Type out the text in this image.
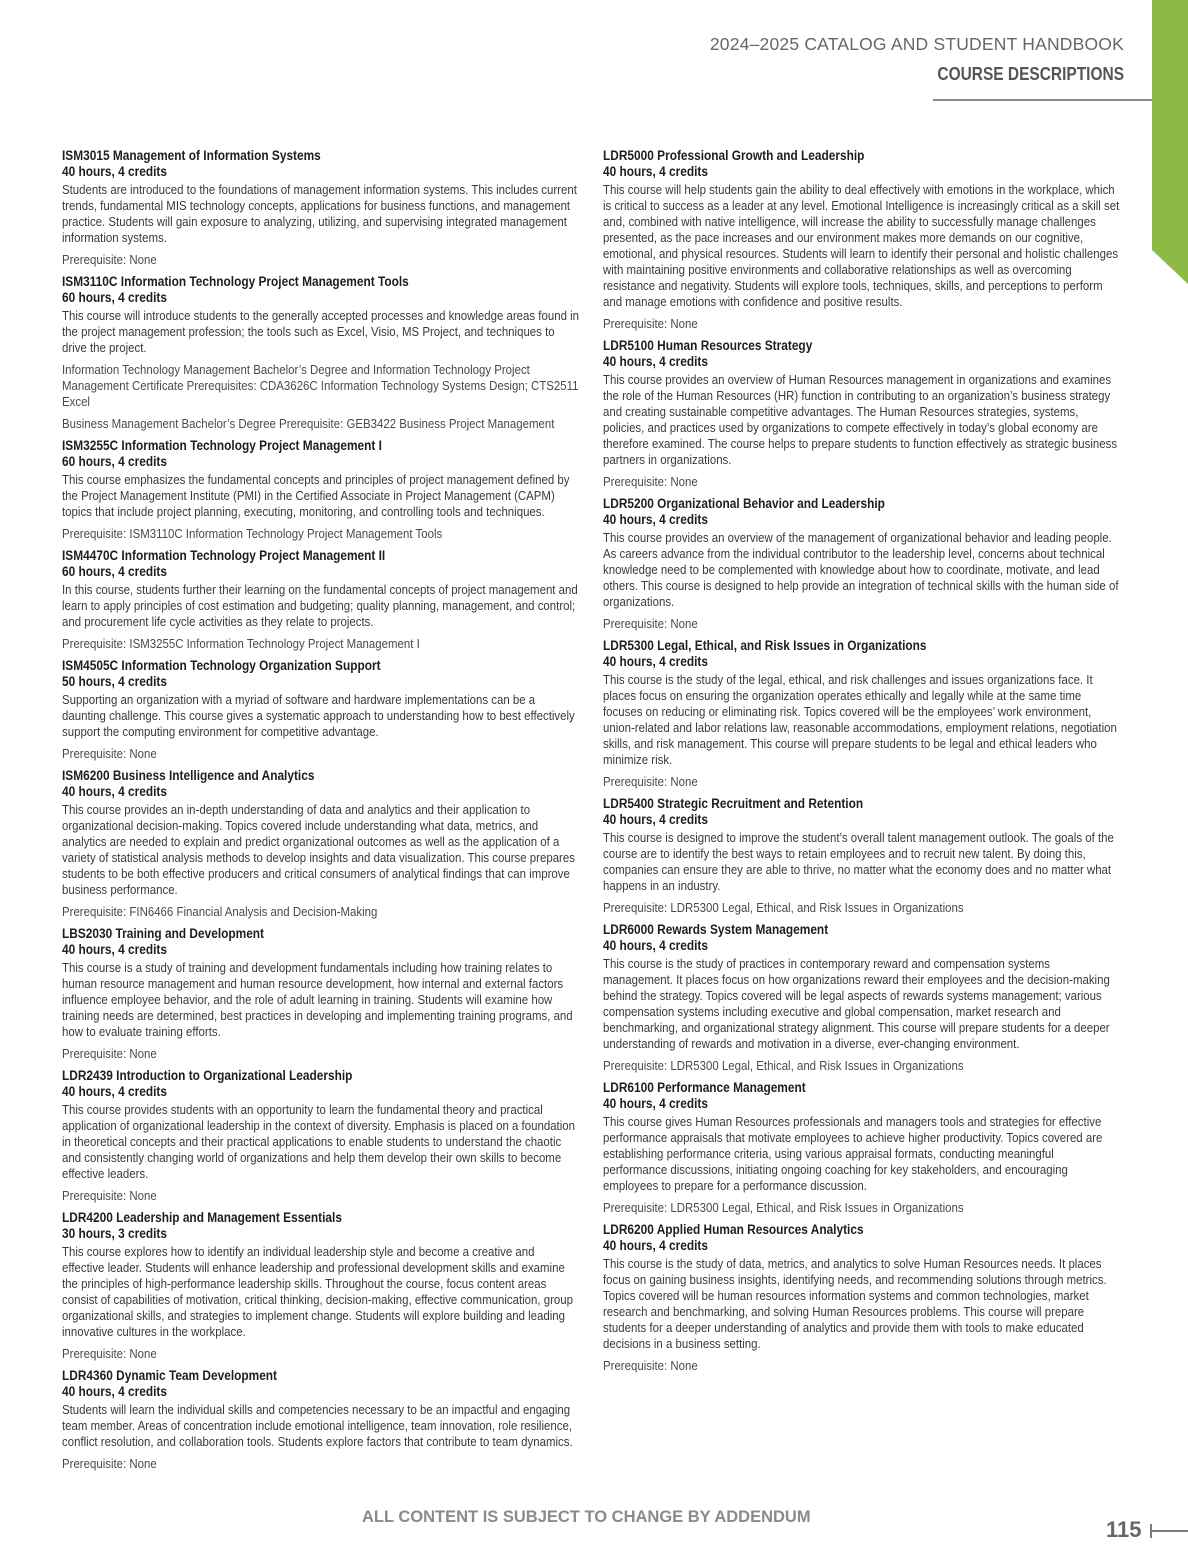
2024–2025 CATALOG AND STUDENT HANDBOOK
COURSE DESCRIPTIONS
ISM3015 Management of Information Systems
40 hours, 4 credits
Students are introduced to the foundations of management information systems. This includes current trends, fundamental MIS technology concepts, applications for business functions, and management practice. Students will gain exposure to analyzing, utilizing, and supervising integrated management information systems.
Prerequisite: None
ISM3110C Information Technology Project Management Tools
60 hours, 4 credits
This course will introduce students to the generally accepted processes and knowledge areas found in the project management profession; the tools such as Excel, Visio, MS Project, and techniques to drive the project.
Information Technology Management Bachelor’s Degree and Information Technology Project Management Certificate Prerequisites: CDA3626C Information Technology Systems Design; CTS2511 Excel
Business Management Bachelor’s Degree Prerequisite: GEB3422 Business Project Management
ISM3255C Information Technology Project Management I
60 hours, 4 credits
This course emphasizes the fundamental concepts and principles of project management defined by the Project Management Institute (PMI) in the Certified Associate in Project Management (CAPM) topics that include project planning, executing, monitoring, and controlling tools and techniques.
Prerequisite: ISM3110C Information Technology Project Management Tools
ISM4470C Information Technology Project Management II
60 hours, 4 credits
In this course, students further their learning on the fundamental concepts of project management and learn to apply principles of cost estimation and budgeting; quality planning, management, and control; and procurement life cycle activities as they relate to projects.
Prerequisite: ISM3255C Information Technology Project Management I
ISM4505C Information Technology Organization Support
50 hours, 4 credits
Supporting an organization with a myriad of software and hardware implementations can be a daunting challenge. This course gives a systematic approach to understanding how to best effectively support the computing environment for competitive advantage.
Prerequisite: None
ISM6200 Business Intelligence and Analytics
40 hours, 4 credits
This course provides an in-depth understanding of data and analytics and their application to organizational decision-making. Topics covered include understanding what data, metrics, and analytics are needed to explain and predict organizational outcomes as well as the application of a variety of statistical analysis methods to develop insights and data visualization. This course prepares students to be both effective producers and critical consumers of analytical findings that can improve business performance.
Prerequisite: FIN6466 Financial Analysis and Decision-Making
LBS2030 Training and Development
40 hours, 4 credits
This course is a study of training and development fundamentals including how training relates to human resource management and human resource development, how internal and external factors influence employee behavior, and the role of adult learning in training. Students will examine how training needs are determined, best practices in developing and implementing training programs, and how to evaluate training efforts.
Prerequisite: None
LDR2439 Introduction to Organizational Leadership
40 hours, 4 credits
This course provides students with an opportunity to learn the fundamental theory and practical application of organizational leadership in the context of diversity. Emphasis is placed on a foundation in theoretical concepts and their practical applications to enable students to understand the chaotic and consistently changing world of organizations and help them develop their own skills to become effective leaders.
Prerequisite: None
LDR4200 Leadership and Management Essentials
30 hours, 3 credits
This course explores how to identify an individual leadership style and become a creative and effective leader. Students will enhance leadership and professional development skills and examine the principles of high-performance leadership skills. Throughout the course, focus content areas consist of capabilities of motivation, critical thinking, decision-making, effective communication, group organizational skills, and strategies to implement change. Students will explore building and leading innovative cultures in the workplace.
Prerequisite: None
LDR4360 Dynamic Team Development
40 hours, 4 credits
Students will learn the individual skills and competencies necessary to be an impactful and engaging team member. Areas of concentration include emotional intelligence, team innovation, role resilience, conflict resolution, and collaboration tools. Students explore factors that contribute to team dynamics.
Prerequisite: None
LDR5000 Professional Growth and Leadership
40 hours, 4 credits
This course will help students gain the ability to deal effectively with emotions in the workplace, which is critical to success as a leader at any level. Emotional Intelligence is increasingly critical as a skill set and, combined with native intelligence, will increase the ability to successfully manage challenges presented, as the pace increases and our environment makes more demands on our cognitive, emotional, and physical resources. Students will learn to identify their personal and holistic challenges with maintaining positive environments and collaborative relationships as well as overcoming resistance and negativity. Students will explore tools, techniques, skills, and perceptions to perform and manage emotions with confidence and positive results.
Prerequisite: None
LDR5100 Human Resources Strategy
40 hours, 4 credits
This course provides an overview of Human Resources management in organizations and examines the role of the Human Resources (HR) function in contributing to an organization’s business strategy and creating sustainable competitive advantages. The Human Resources strategies, systems, policies, and practices used by organizations to compete effectively in today’s global economy are therefore examined. The course helps to prepare students to function effectively as strategic business partners in organizations.
Prerequisite: None
LDR5200 Organizational Behavior and Leadership
40 hours, 4 credits
This course provides an overview of the management of organizational behavior and leading people. As careers advance from the individual contributor to the leadership level, concerns about technical knowledge need to be complemented with knowledge about how to coordinate, motivate, and lead others. This course is designed to help provide an integration of technical skills with the human side of organizations.
Prerequisite: None
LDR5300 Legal, Ethical, and Risk Issues in Organizations
40 hours, 4 credits
This course is the study of the legal, ethical, and risk challenges and issues organizations face. It places focus on ensuring the organization operates ethically and legally while at the same time focuses on reducing or eliminating risk. Topics covered will be the employees’ work environment, union-related and labor relations law, reasonable accommodations, employment relations, negotiation skills, and risk management. This course will prepare students to be legal and ethical leaders who minimize risk.
Prerequisite: None
LDR5400 Strategic Recruitment and Retention
40 hours, 4 credits
This course is designed to improve the student’s overall talent management outlook. The goals of the course are to identify the best ways to retain employees and to recruit new talent. By doing this, companies can ensure they are able to thrive, no matter what the economy does and no matter what happens in an industry.
Prerequisite: LDR5300 Legal, Ethical, and Risk Issues in Organizations
LDR6000 Rewards System Management
40 hours, 4 credits
This course is the study of practices in contemporary reward and compensation systems management. It places focus on how organizations reward their employees and the decision-making behind the strategy. Topics covered will be legal aspects of rewards systems management; various compensation systems including executive and global compensation, market research and benchmarking, and organizational strategy alignment. This course will prepare students for a deeper understanding of rewards and motivation in a diverse, ever-changing environment.
Prerequisite: LDR5300 Legal, Ethical, and Risk Issues in Organizations
LDR6100 Performance Management
40 hours, 4 credits
This course gives Human Resources professionals and managers tools and strategies for effective performance appraisals that motivate employees to achieve higher productivity. Topics covered are establishing performance criteria, using various appraisal formats, conducting meaningful performance discussions, initiating ongoing coaching for key stakeholders, and encouraging employees to prepare for a performance discussion.
Prerequisite: LDR5300 Legal, Ethical, and Risk Issues in Organizations
LDR6200 Applied Human Resources Analytics
40 hours, 4 credits
This course is the study of data, metrics, and analytics to solve Human Resources needs. It places focus on gaining business insights, identifying needs, and recommending solutions through metrics. Topics covered will be human resources information systems and common technologies, market research and benchmarking, and solving Human Resources problems. This course will prepare students for a deeper understanding of analytics and provide them with tools to make educated decisions in a business setting.
Prerequisite: None
ALL CONTENT IS SUBJECT TO CHANGE BY ADDENDUM	115
